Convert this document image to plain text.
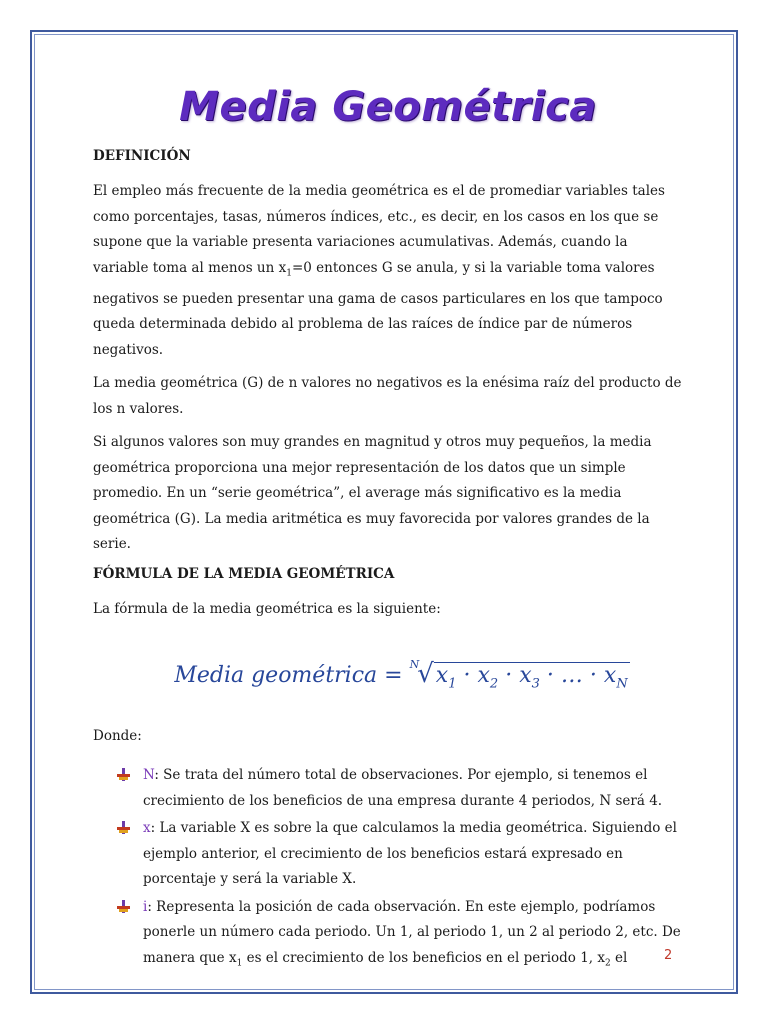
Media Geométrica
DEFINICIÓN

El empleo más frecuente de la media geométrica es el de promediar variables tales como porcentajes, tasas, números índices, etc., es decir, en los casos en los que se supone que la variable presenta variaciones acumulativas. Además, cuando la variable toma al menos un $x_1=0$ entonces G se anula, y si la variable toma valores negativos se pueden presentar una gama de casos particulares en los que tampoco queda determinada debido al problema de las raíces de índice par de números negativos.

La media geométrica (G) de n valores no negativos es la enésima raíz del producto de los n valores.

Si algunos valores son muy grandes en magnitud y otros muy pequeños, la media geométrica proporciona una mejor representación de los datos que un simple promedio. En un “serie geométrica”, el average más significativo es la media geométrica (G). La media aritmética es muy favorecida por valores grandes de la serie.

FÓRMULA DE LA MEDIA GEOMÉTRICA

La fórmula de la media geométrica es la siguiente:

Media geométrica = $^N√x_1 \cdot x_2 \cdot x_3$ · … · $x_N$

Donde:

N: Se trata del número total de observaciones. Por ejemplo, si tenemos el crecimiento de los beneficios de una empresa durante 4 periodos, N será 4.
x: La variable X es sobre la que calculamos la media geométrica. Siguiendo el ejemplo anterior, el crecimiento de los beneficios estará expresado en porcentaje y será la variable X.
i: Representa la posición de cada observación. En este ejemplo, podríamos ponerle un número cada periodo. Un 1, al periodo 1, un 2 al periodo 2, etc. De manera que $x_1$ es el crecimiento de los beneficios en el periodo 1, $x_2$ el	2
